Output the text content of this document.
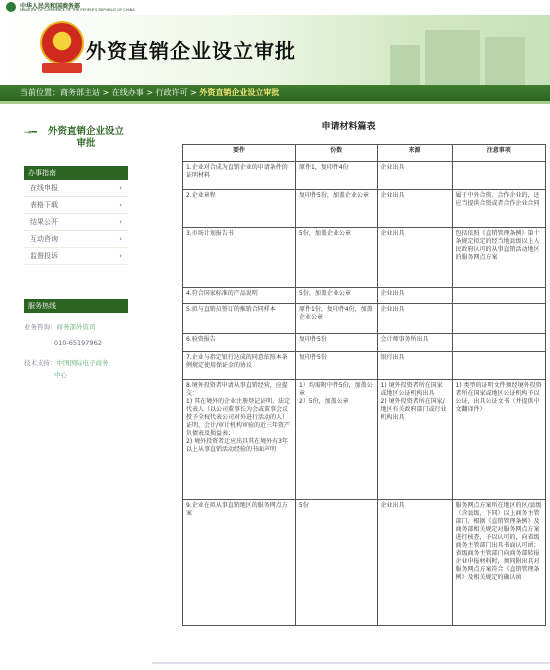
中华人民共和国商务部
MINISTRY OF COMMERCE OF THE PEOPLE'S REPUBLIC OF CHINA
外资直销企业设立审批
当前位置：商务部主站 > 在线办事 > 行政许可 > 外资直销企业设立审批
⊸━	外资直销企业设立审批
办事指南
在线申报	›
表格下载	›
结果公开	›
互动咨询	›
监督投诉	›
服务热线
业务咨询：商务部外资司
010-65197962
技术支持：中国国际电子商务
中心
申请材料篇表
要件	份数	来源	注意事项
1.企业对合成为直销企业的申请条件的证明材料	原件1，复印件4份	企业出具	
2.企业章程	复印件5份，加盖企业公章	企业出具	属于中外合资、合作企业的，还应当提供合资或者合作企业合同
3.市场计划报告书	5份，加盖企业公章	企业出具	包括依照《直销管理条例》第十条规定拟定的经当地县级以上人民政府认可的从事直销活动地区的服务网点方案
4.符合国家标准的产品说明	5份，加盖企业公章	企业出具	
5.拟与直销员签订的推销合同样本	原件1份，复印件4份，加盖企业公章	企业出具	
6.验资报告	复印件5份	会计师事务所出具	
7.企业与指定银行达成的同意依照本条例规定使用保证金的协议	复印件5份	银行出具	
8.境外投资者申请从事直销经营，应提交：
1) 其在境外的企业注册登记证明、法定代表人（以公司董事长为会或董事会议授予全权代表公司对外进行活动的人）证明、会计/审计机构审验的近三年资产负债表及损益表；
2) 境外投资者迁应出具其在境外有3年以上从事直销活动经验的书面声明	1）均需附中件5份，加盖公章
2）5份，加盖公章	1) 境外投资者所在国家或地区公证机构出具
2) 境外投资者所在国家/地区有关政府部门或行业机构出具	1) 类型的证明文件须经境外投资者所在国家或地区公证机构予以公证，出具公证文书（并提供中文翻译件）
9.企业在拟从事直销地区的服务网点方案	5份	企业出具	服务网点方案所在地区的区/县级（含县级，下同）以上商务主管部门，根据《直销管理条例》及商务部相关规定对服务网点方案进行核查，予以认可的，向省级商务主管部门出具书面认可函；省级商务主管部门向商务部转报企业申报材料时，须同附出具对服务网点方案符合《直销管理条例》及相关规定的确认函
